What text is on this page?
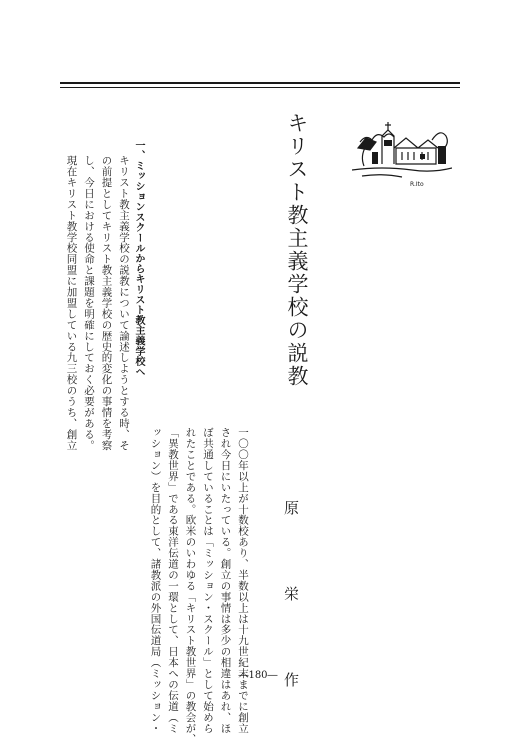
キリスト教主義学校の説教	R.Ito
一、ミッションスクールからキリスト教主義学校へ

キリスト教主義学校の説教について論述しようとする時、そ
の前提としてキリスト教主義学校の歴史的変化の事情を考察
し、今日における使命と課題を明確にしておく必要がある。
現在キリスト教学校同盟に加盟している九三校のうち、創立

原　栄　作

一〇〇年以上が十数校あり、半数以上は十九世紀末までに創立
され今日にいたっている。創立の事情は多少の相違はあれ、ほ
ぼ共通していることは「ミッション・スクール」として始めら
れたことである。欧米のいわゆる「キリスト教世界」の教会が、
「異教世界」である東洋伝道の一環として、日本への伝道（ミ
ッション）を目的として、諸教派の外国伝道局（ミッション・	―180―
